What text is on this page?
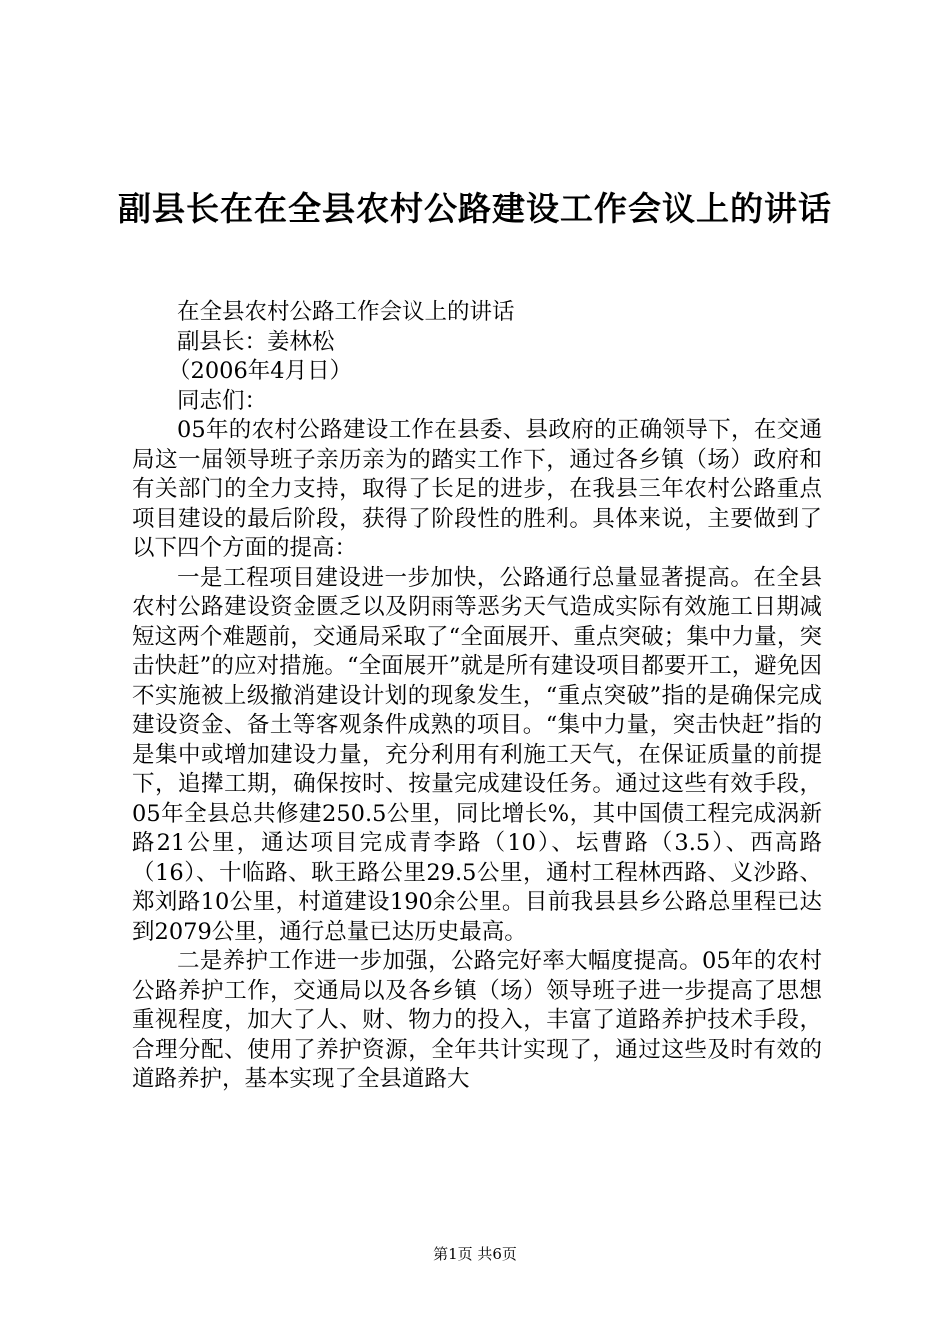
副县长在在全县农村公路建设工作会议上的讲话

在全县农村公路工作会议上的讲话

副县长：姜林松

（2006年4月日）

同志们：

05年的农村公路建设工作在县委、县政府的正确领导下，在交通局这一届领导班子亲历亲为的踏实工作下，通过各乡镇（场）政府和有关部门的全力支持，取得了长足的进步，在我县三年农村公路重点项目建设的最后阶段，获得了阶段性的胜利。具体来说，主要做到了以下四个方面的提高：

一是工程项目建设进一步加快，公路通行总量显著提高。在全县农村公路建设资金匮乏以及阴雨等恶劣天气造成实际有效施工日期减短这两个难题前，交通局采取了“全面展开、重点突破；集中力量，突击快赶”的应对措施。“全面展开”就是所有建设项目都要开工，避免因不实施被上级撤消建设计划的现象发生，“重点突破”指的是确保完成建设资金、备土等客观条件成熟的项目。“集中力量，突击快赶”指的是集中或增加建设力量，充分利用有利施工天气，在保证质量的前提下，追撵工期，确保按时、按量完成建设任务。通过这些有效手段，05年全县总共修建250.5公里，同比增长%，其中国债工程完成涡新路21公里，通达项目完成青李路（10）、坛曹路（3.5）、西高路（16）、十临路、耿王路公里29.5公里，通村工程林西路、义沙路、郑刘路10公里，村道建设190余公里。目前我县县乡公路总里程已达到2079公里，通行总量已达历史最高。

二是养护工作进一步加强，公路完好率大幅度提高。05年的农村公路养护工作，交通局以及各乡镇（场）领导班子进一步提高了思想重视程度，加大了人、财、物力的投入，丰富了道路养护技术手段，合理分配、使用了养护资源，全年共计实现了，通过这些及时有效的道路养护，基本实现了全县道路大

第1页 共6页
